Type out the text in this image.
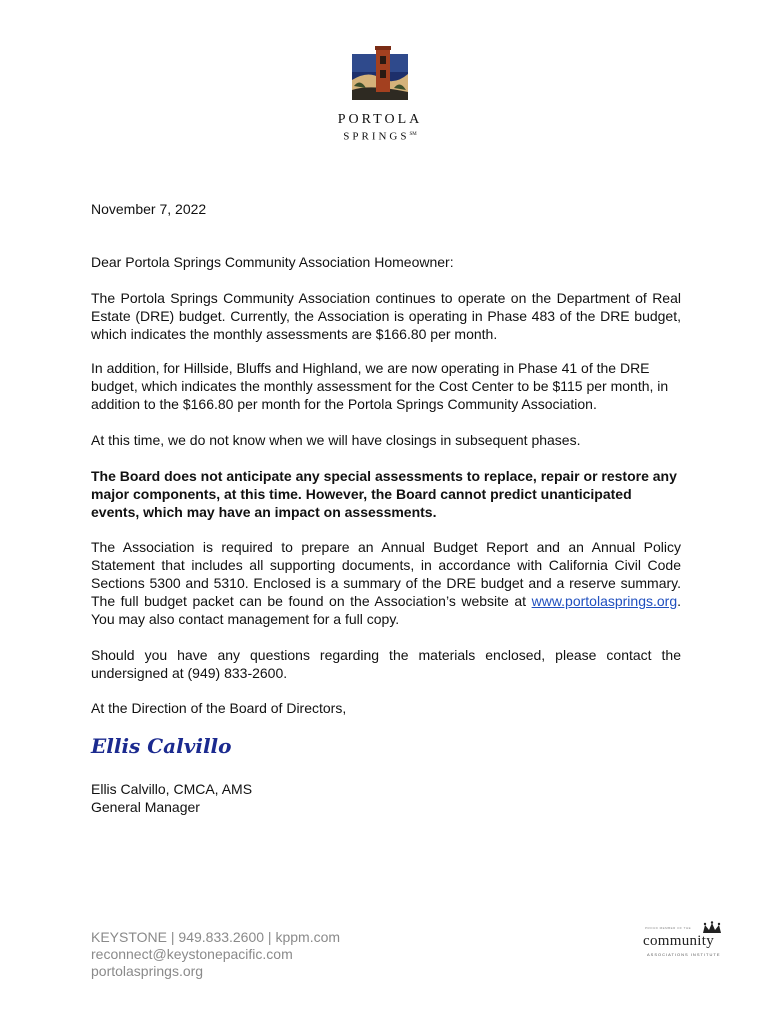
PORTOLA
SPRINGS℠

November 7, 2022

Dear Portola Springs Community Association Homeowner:

The Portola Springs Community Association continues to operate on the Department of Real Estate (DRE) budget. Currently, the Association is operating in Phase 483 of the DRE budget, which indicates the monthly assessments are $166.80 per month.

In addition, for Hillside, Bluffs and Highland, we are now operating in Phase 41 of the DRE budget, which indicates the monthly assessment for the Cost Center to be $115 per month, in addition to the $166.80 per month for the Portola Springs Community Association.

At this time, we do not know when we will have closings in subsequent phases.

The Board does not anticipate any special assessments to replace, repair or restore any major components, at this time. However, the Board cannot predict unanticipated events, which may have an impact on assessments.

The Association is required to prepare an Annual Budget Report and an Annual Policy Statement that includes all supporting documents, in accordance with California Civil Code Sections 5300 and 5310. Enclosed is a summary of the DRE budget and a reserve summary. The full budget packet can be found on the Association’s website at www.portolasprings.org. You may also contact management for a full copy.

Should you have any questions regarding the materials enclosed, please contact the undersigned at (949) 833-2600.

At the Direction of the Board of Directors,

Ellis Calvillo

Ellis Calvillo, CMCA, AMS

General Manager

KEYSTONE | 949.833.2600 | kppm.com
reconnect@keystonepacific.com
portolasprings.org
PROUD MEMBER OF THE
community
ASSOCIATIONS INSTITUTE
